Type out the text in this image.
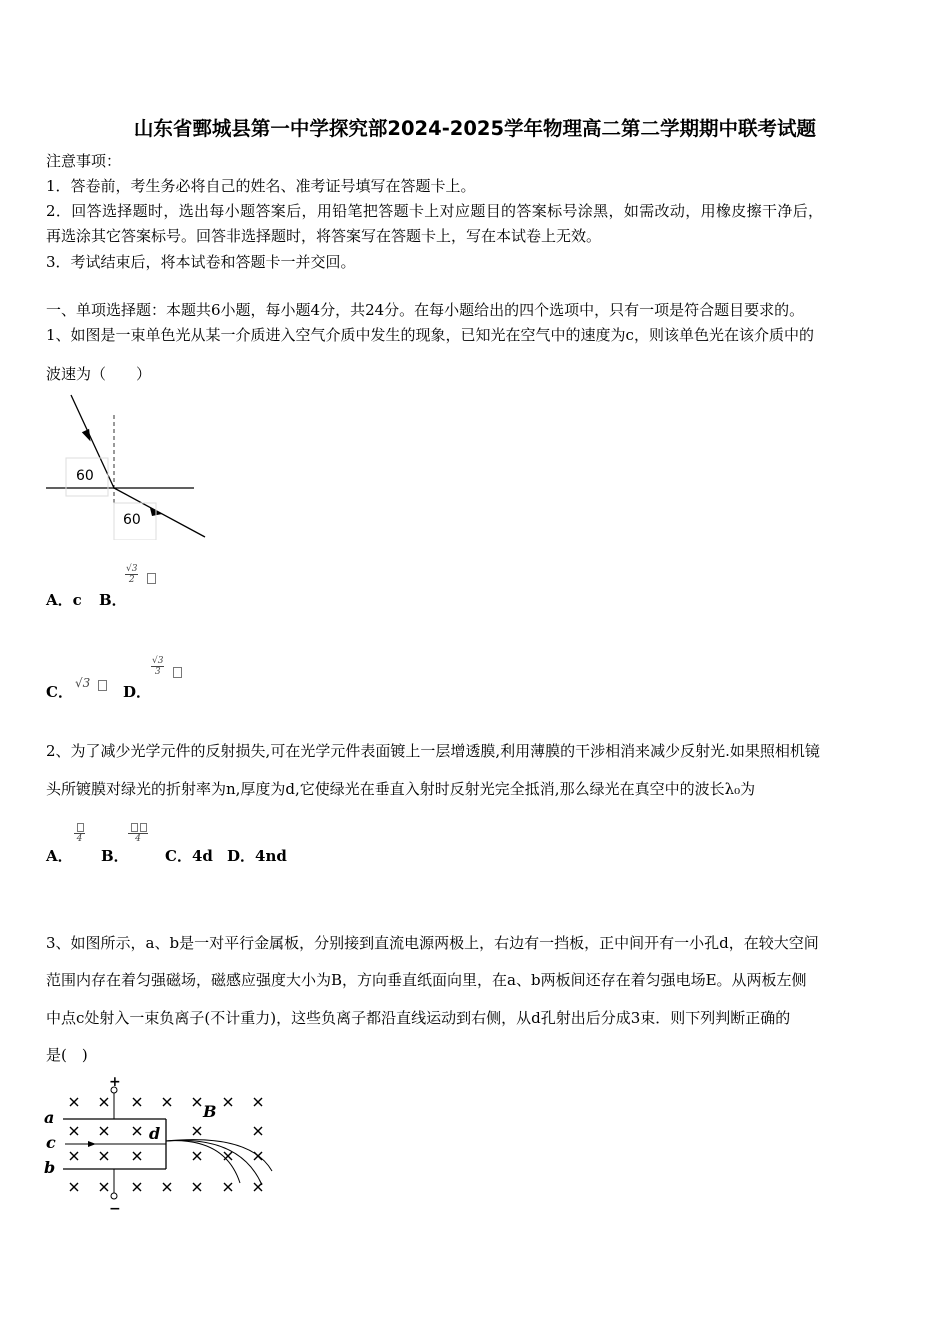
山东省鄄城县第一中学探究部2024-2025学年物理高二第二学期期中联考试题
注意事项：
1．答卷前，考生务必将自己的姓名、准考证号填写在答题卡上。
2．回答选择题时，选出每小题答案后，用铅笔把答题卡上对应题目的答案标号涂黑，如需改动，用橡皮擦干净后，
再选涂其它答案标号。回答非选择题时，将答案写在答题卡上，写在本试卷上无效。
3．考试结束后，将本试卷和答题卡一并交回。
一、单项选择题：本题共6小题，每小题4分，共24分。在每小题给出的四个选项中，只有一项是符合题目要求的。
1、如图是一束单色光从某一介质进入空气介质中发生的现象，已知光在空气中的速度为c，则该单色光在该介质中的
波速为（　　）
60
60
A．c B．
$\frac{√3}{2}$
C． √3 D．
$\frac{√3}{3}$
2、为了减少光学元件的反射损失,可在光学元件表面镀上一层增透膜,利用薄膜的干涉相消来减少反射光.如果照相机镜
头所镀膜对绿光的折射率为n,厚度为d,它使绿光在垂直入射时反射光完全抵消,那么绿光在真空中的波长λ₀为
A．
4
B．
4
C．4d D．4nd
3、如图所示，a、b是一对平行金属板，分别接到直流电源两极上，右边有一挡板，正中间开有一小孔d，在较大空间
范围内存在着匀强磁场，磁感应强度大小为B，方向垂直纸面向里，在a、b两板间还存在着匀强电场E。从两板左侧
中点c处射入一束负离子(不计重力)，这些负离子都沿直线运动到右侧，从d孔射出后分成3束．则下列判断正确的
是(　)
a
c
b
d
B
+
−
